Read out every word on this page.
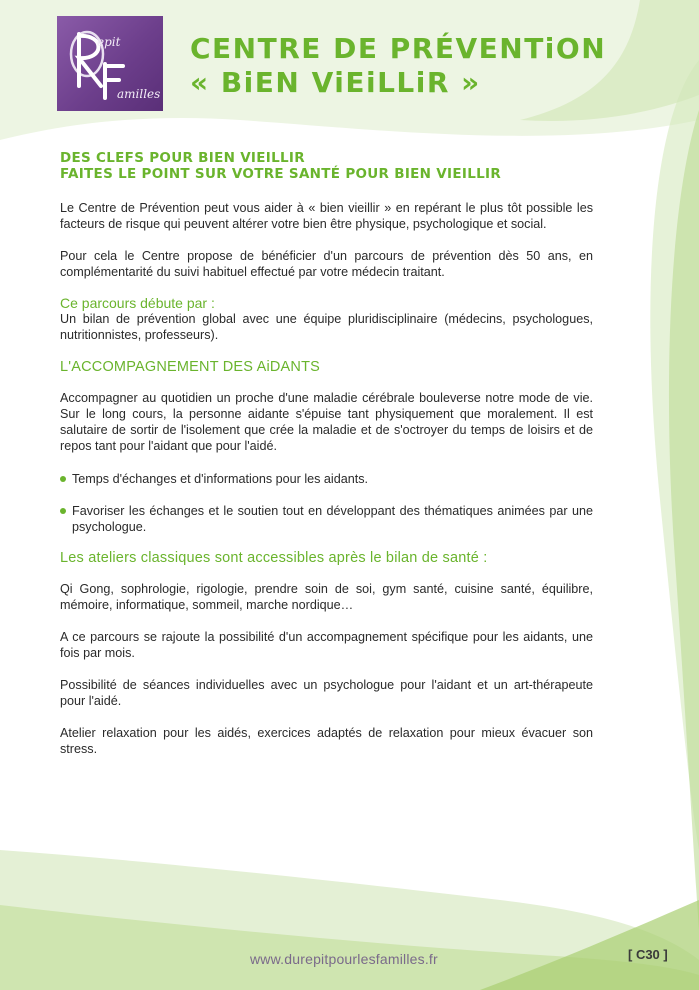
epit
amilles
CENTRE DE PRÉVENTiON
« BiEN ViEiLLiR »
DES CLEFS POUR BIEN VIEILLIR
FAITES LE POINT SUR VOTRE SANTÉ POUR BIEN VIEILLIR

Le Centre de Prévention peut vous aider à « bien vieillir » en repérant le plus tôt possible les facteurs de risque qui peuvent altérer votre bien être physique, psychologique et social.

Pour cela le Centre propose de bénéficier d'un parcours de prévention dès 50 ans, en complémentarité du suivi habituel effectué par votre médecin traitant.

Ce parcours débute par :

Un bilan de prévention global avec une équipe pluridisciplinaire (médecins, psychologues, nutritionnistes, professeurs).

L'ACCOMPAGNEMENT DES AiDANTS

Accompagner au quotidien un proche d'une maladie cérébrale bouleverse notre mode de vie. Sur le long cours, la personne aidante s'épuise tant physiquement que moralement. Il est salutaire de sortir de l'isolement que crée la maladie et de s'octroyer du temps de loisirs et de repos tant pour l'aidant que pour l'aidé.

Temps d'échanges et d'informations pour les aidants.
Favoriser les échanges et le soutien tout en développant des thématiques animées par une psychologue.
Les ateliers classiques sont accessibles après le bilan de santé :

Qi Gong, sophrologie, rigologie, prendre soin de soi, gym santé, cuisine santé, équilibre, mémoire, informatique, sommeil, marche nordique…

A ce parcours se rajoute la possibilité d'un accompagnement spécifique pour les aidants, une fois par mois.

Possibilité de séances individuelles avec un psychologue pour l'aidant et un art-thérapeute pour l'aidé.

Atelier relaxation pour les aidés, exercices adaptés de relaxation pour mieux évacuer son stress.

www.durepitpourlesfamilles.fr	[ C30 ]
